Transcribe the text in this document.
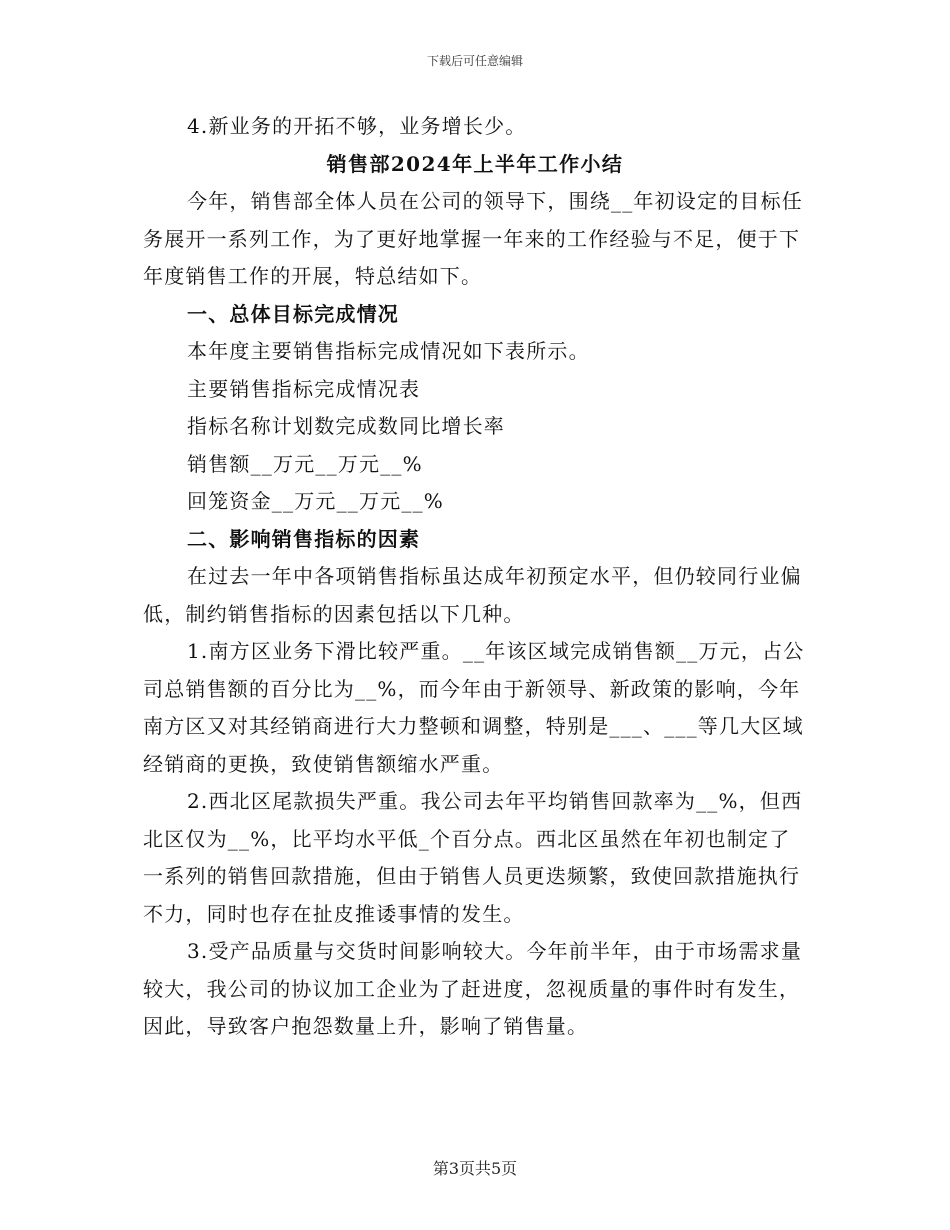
下载后可任意编辑

4.新业务的开拓不够，业务增长少。

销售部2024年上半年工作小结

今年，销售部全体人员在公司的领导下，围绕__年初设定的目标任务展开一系列工作，为了更好地掌握一年来的工作经验与不足，便于下年度销售工作的开展，特总结如下。

一、总体目标完成情况

本年度主要销售指标完成情况如下表所示。

主要销售指标完成情况表

指标名称计划数完成数同比增长率

销售额__万元__万元__%

回笼资金__万元__万元__%

二、影响销售指标的因素

在过去一年中各项销售指标虽达成年初预定水平，但仍较同行业偏低，制约销售指标的因素包括以下几种。

1.南方区业务下滑比较严重。__年该区域完成销售额__万元，占公司总销售额的百分比为__%，而今年由于新领导、新政策的影响，今年南方区又对其经销商进行大力整顿和调整，特别是___、___等几大区域经销商的更换，致使销售额缩水严重。

2.西北区尾款损失严重。我公司去年平均销售回款率为__%，但西北区仅为__%，比平均水平低_个百分点。西北区虽然在年初也制定了一系列的销售回款措施，但由于销售人员更迭频繁，致使回款措施执行不力，同时也存在扯皮推诿事情的发生。

3.受产品质量与交货时间影响较大。今年前半年，由于市场需求量较大，我公司的协议加工企业为了赶进度，忽视质量的事件时有发生，因此，导致客户抱怨数量上升，影响了销售量。

第3页共5页
